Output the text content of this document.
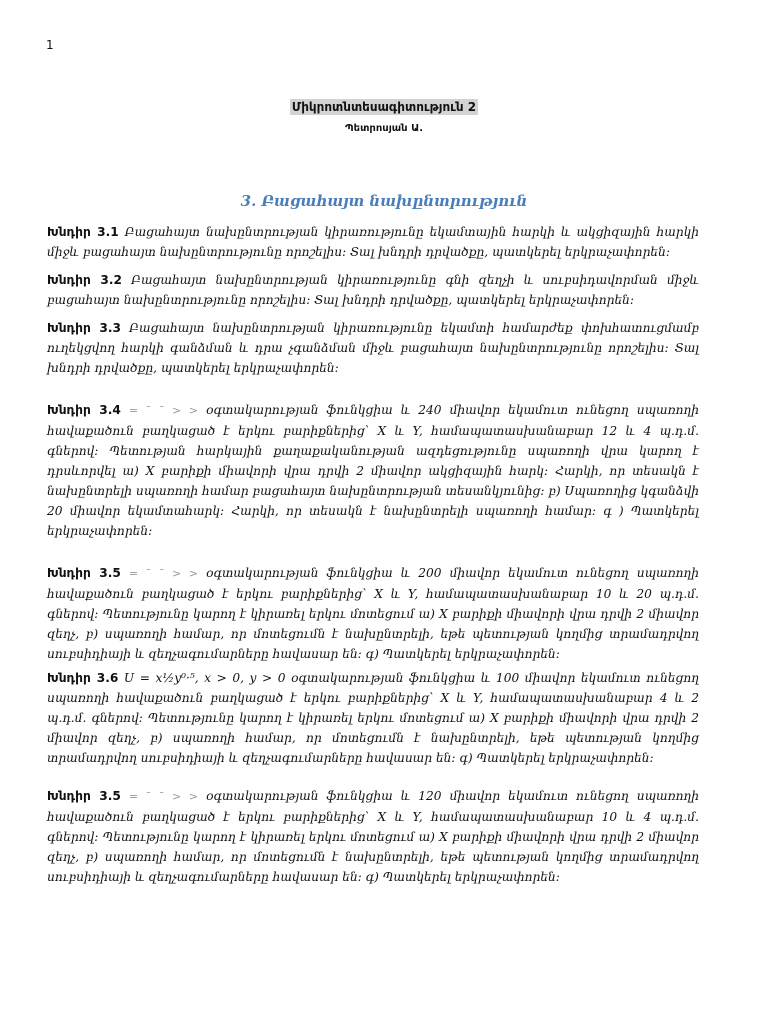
1
Միկրոտնտեսագիտություն 2
Պետրոսյան Ա.
3. Բացահայտ նախընտրություն

Խնդիր 3.1 Բացահայտ նախընտրության կիրառությունը եկամտային հարկի և ակցիզային հարկի միջև բացահայտ նախընտրությունը որոշելիս: Տալ խնդրի դրվածքը, պատկերել երկրաչափորեն:

Խնդիր 3.2 Բացահայտ նախընտրության կիրառությունը գնի զեղչի և սուբսիդավորման միջև բացահայտ նախընտրությունը որոշելիս: Տալ խնդրի դրվածքը, պատկերել երկրաչափորեն:

Խնդիր 3.3 Բացահայտ նախընտրության կիրառությունը եկամտի համարժեք փոխհատուցմամբ ուղեկցվող հարկի գանձման և դրա չգանձման միջև բացահայտ նախընտրությունը որոշելիս: Տալ խնդրի դրվածքը, պատկերել երկրաչափորեն:

Խնդիր 3.4 = ˉ ˉ > > օգտակարության ֆունկցիա և 240 միավոր եկամուտ ունեցող սպառողի հավաքածուն բաղկացած է երկու բարիքներից՝ X և Y, համապատասխանաբար 12 և 4 պ.դ.մ. գներով: Պետության հարկային քաղաքականության ազդեցությունը սպառողի վրա կարող է դրսևորվել ա) X բարիքի միավորի վրա դրվի 2 միավոր ակցիզային հարկ: Հարկի, որ տեսակն է նախընտրելի սպառողի համար բացահայտ նախընտրության տեսանկյունից: բ) Սպառողից կգանձվի 20 միավոր եկամտահարկ: Հարկի, որ տեսակն է նախընտրելի սպառողի համար: գ ) Պատկերել երկրաչափորեն:

Խնդիր 3.5 = ˉ ˉ > > օգտակարության ֆունկցիա և 200 միավոր եկամուտ ունեցող սպառողի հավաքածուն բաղկացած է երկու բարիքներից՝ X և Y, համապատասխանաբար 10 և 20 պ.դ.մ. գներով: Պետությունը կարող է կիրառել երկու մոտեցում ա) X բարիքի միավորի վրա դրվի 2 միավոր զեղչ, բ) սպառողի համար, որ մոտեցումն է նախընտրելի, եթե պետության կողմից տրամադրվող սուբսիդիայի և զեղչագումարները հավասար են: գ) Պատկերել երկրաչափորեն:

Խնդիր 3.6 U = x½y⁰·⁵, x > 0, y > 0 օգտակարության ֆունկցիա և 100 միավոր եկամուտ ունեցող սպառողի հավաքածուն բաղկացած է երկու բարիքներից՝ X և Y, համապատասխանաբար 4 և 2 պ.դ.մ. գներով: Պետությունը կարող է կիրառել երկու մոտեցում ա) X բարիքի միավորի վրա դրվի 2 միավոր զեղչ, բ) սպառողի համար, որ մոտեցումն է նախընտրելի, եթե պետության կողմից տրամադրվող սուբսիդիայի և զեղչագումարները հավասար են: գ) Պատկերել երկրաչափորեն:

Խնդիր 3.5 = ˉ ˉ > > օգտակարության ֆունկցիա և 120 միավոր եկամուտ ունեցող սպառողի հավաքածուն բաղկացած է երկու բարիքներից՝ X և Y, համապատասխանաբար 10 և 4 պ.դ.մ. գներով: Պետությունը կարող է կիրառել երկու մոտեցում ա) X բարիքի միավորի վրա դրվի 2 միավոր զեղչ, բ) սպառողի համար, որ մոտեցումն է նախընտրելի, եթե պետության կողմից տրամադրվող սուբսիդիայի և զեղչագումարները հավասար են: գ) Պատկերել երկրաչափորեն:
